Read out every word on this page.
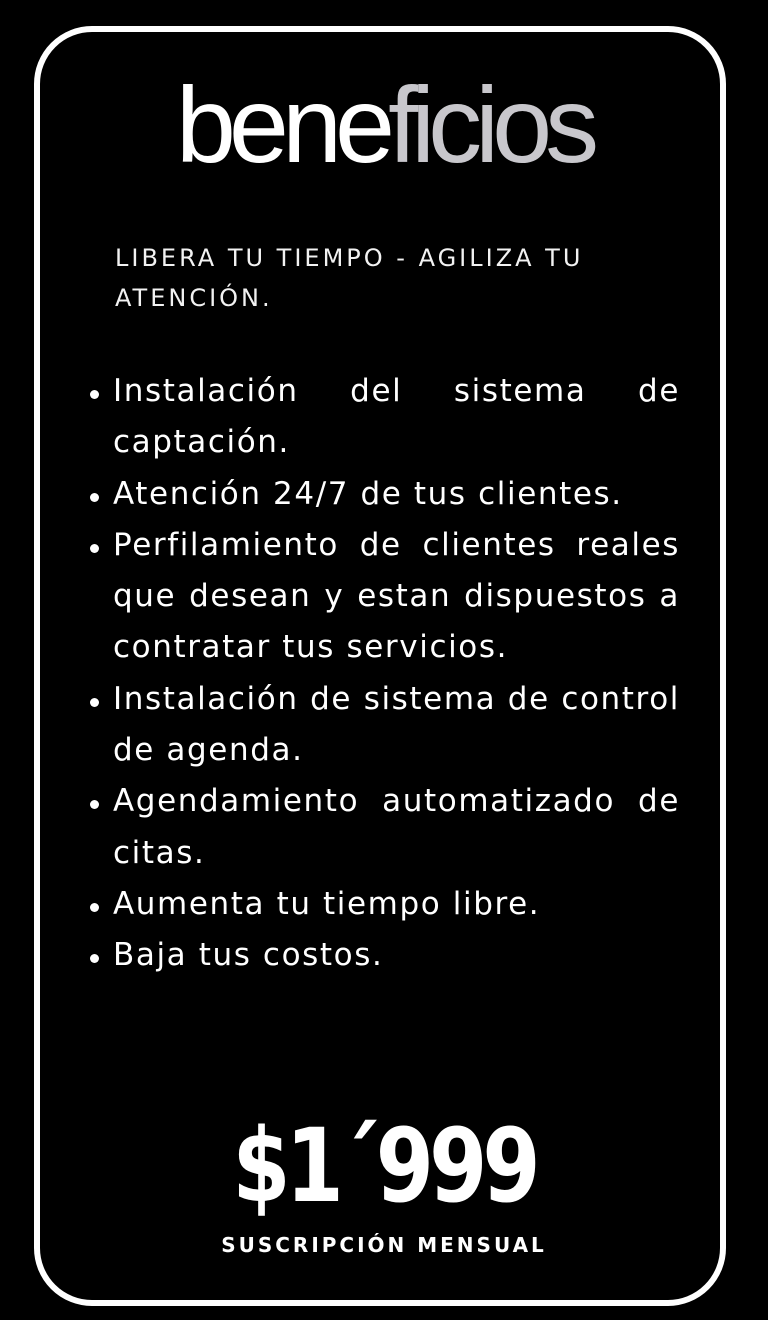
beneficios
LIBERA TU TIEMPO - AGILIZA TU ATENCIÓN.
Instalación del sistema de captación.
Atención 24/7 de tus clientes.
Perfilamiento de clientes reales que desean y estan dispuestos a contratar tus servicios.
Instalación de sistema de control de agenda.
Agendamiento automatizado de citas.
Aumenta tu tiempo libre.
Baja tus costos.
$1´999
SUSCRIPCIÓN MENSUAL
